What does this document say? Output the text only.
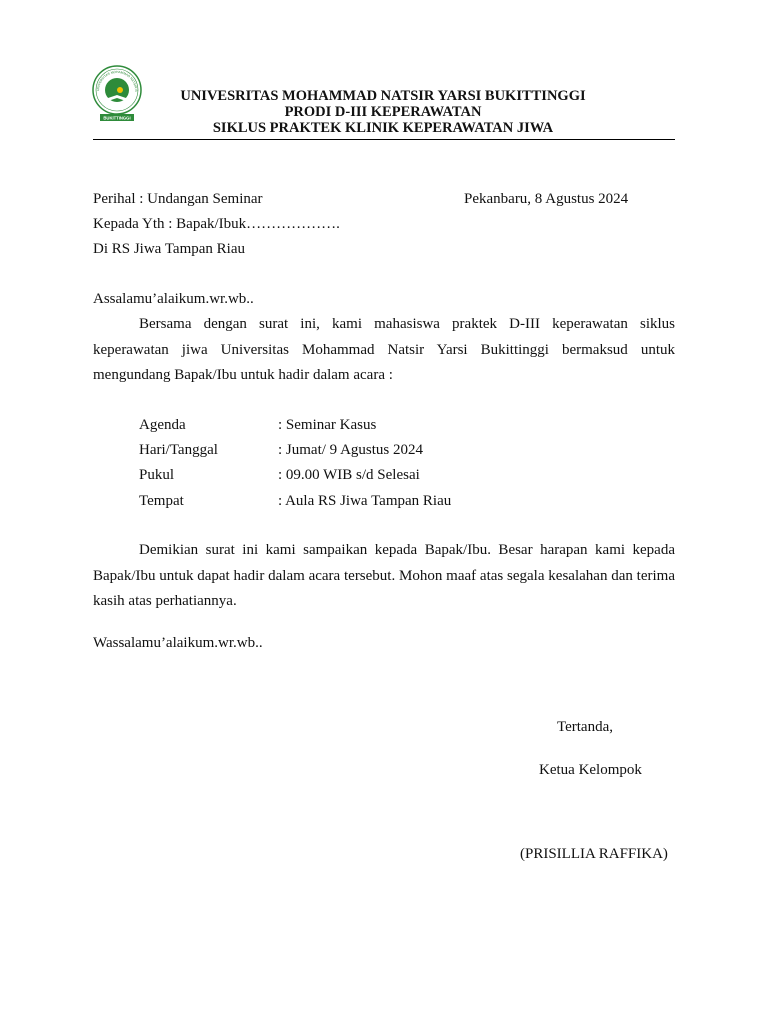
UNIVERSITAS MOHAMMAD NATSIR B
BUKITTINGGI
UNIVESRITAS MOHAMMAD NATSIR YARSI BUKITTINGGI
PRODI D-III KEPERAWATAN
SIKLUS PRAKTEK KLINIK KEPERAWATAN JIWA
Perihal : Undangan Seminar	Pekanbaru, 8 Agustus 2024
Kepada Yth : Bapak/Ibuk……………….
Di RS Jiwa Tampan Riau
Assalamu’alaikum.wr.wb..
Bersama dengan surat ini, kami mahasiswa praktek D-III keperawatan siklus keperawatan jiwa Universitas Mohammad Natsir Yarsi Bukittinggi bermaksud untuk mengundang Bapak/Ibu untuk hadir dalam acara :
Agenda	: Seminar Kasus
Hari/Tanggal	: Jumat/ 9 Agustus 2024
Pukul	: 09.00 WIB s/d Selesai
Tempat	: Aula RS Jiwa Tampan Riau
Demikian surat ini kami sampaikan kepada Bapak/Ibu. Besar harapan kami kepada Bapak/Ibu untuk dapat hadir dalam acara tersebut. Mohon maaf atas segala kesalahan dan terima kasih atas perhatiannya.
Wassalamu’alaikum.wr.wb..
Tertanda,
Ketua Kelompok
(PRISILLIA RAFFIKA)
